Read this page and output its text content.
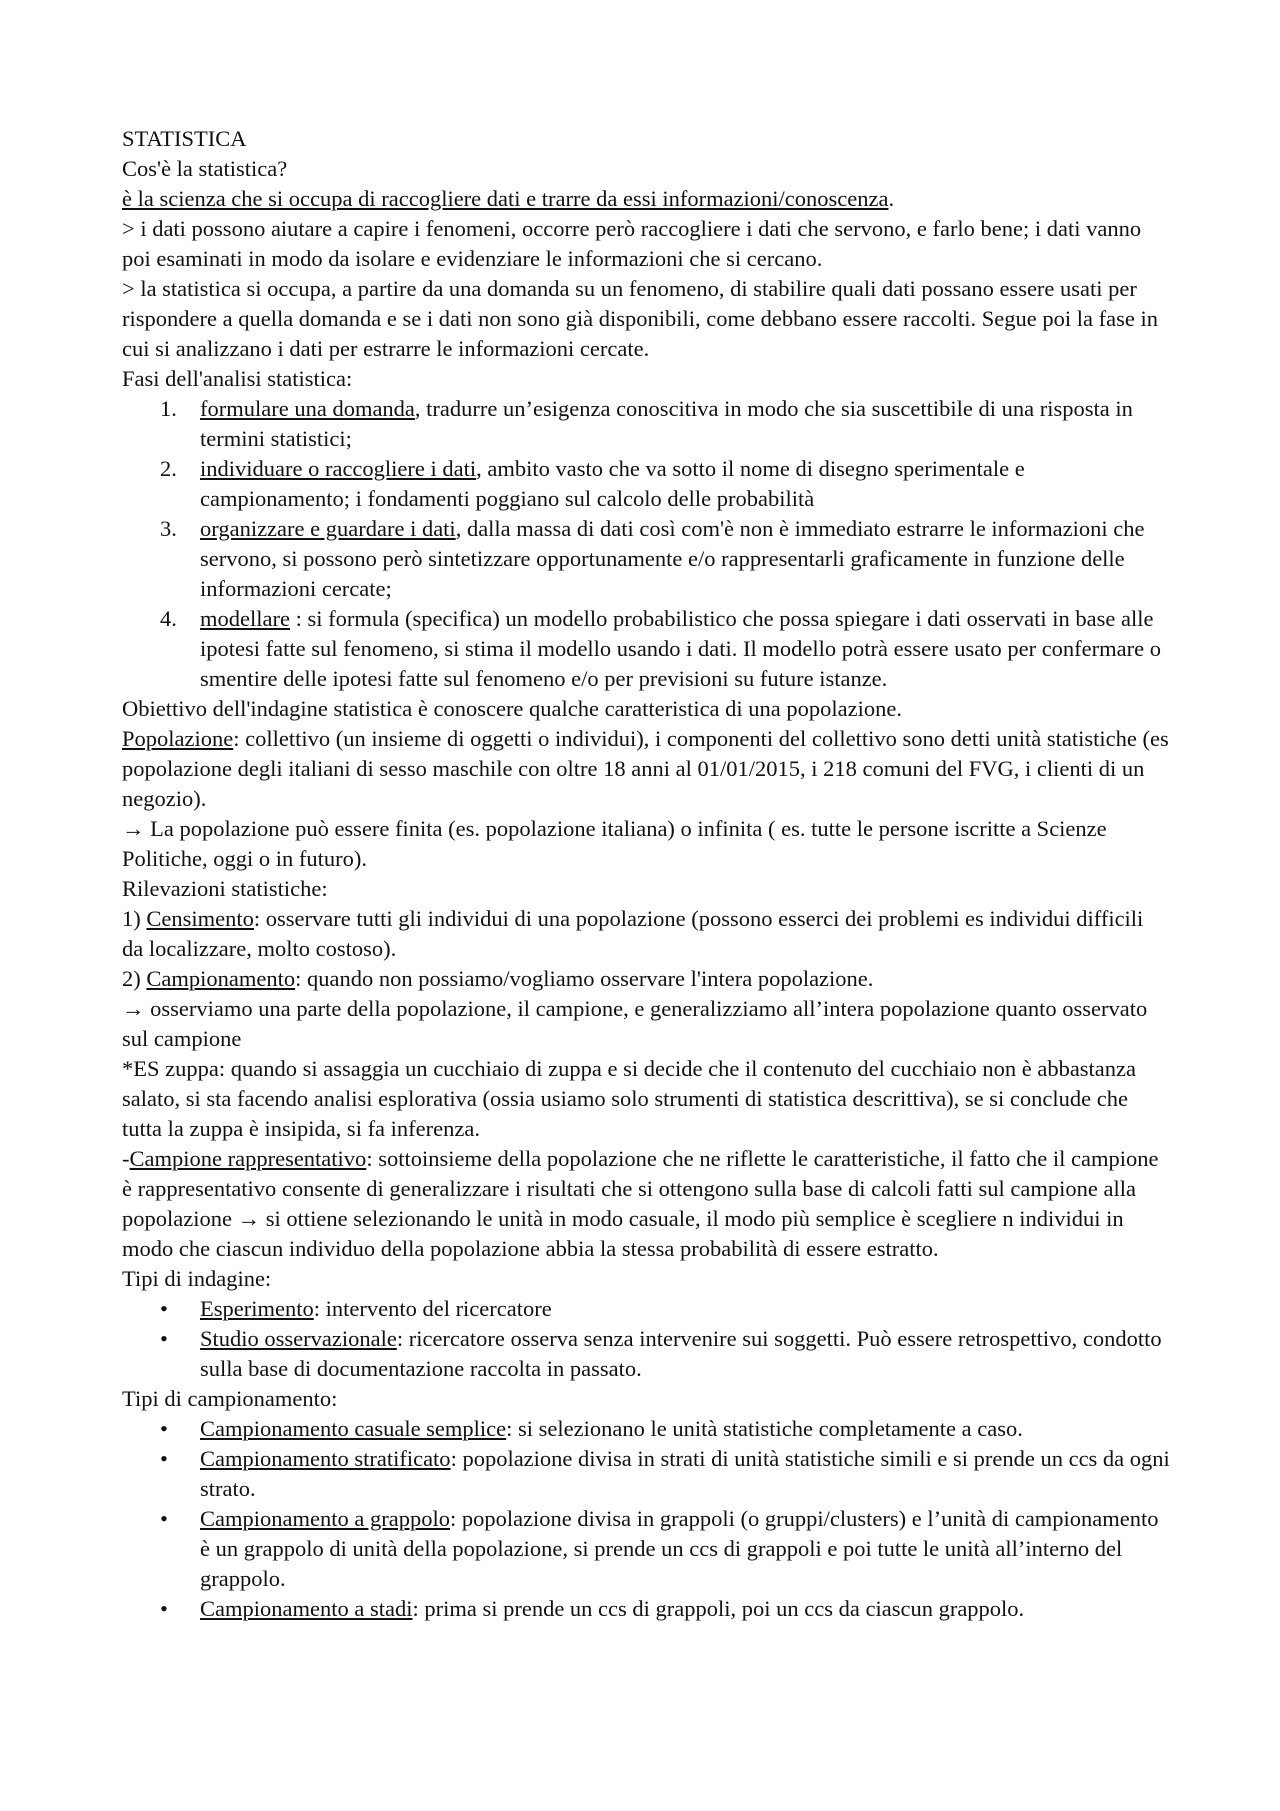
STATISTICA

Cos'è la statistica?

è la scienza che si occupa di raccogliere dati e trarre da essi informazioni/conoscenza.

> i dati possono aiutare a capire i fenomeni, occorre però raccogliere i dati che servono, e farlo bene; i dati vanno poi esaminati in modo da isolare e evidenziare le informazioni che si cercano.

> la statistica si occupa, a partire da una domanda su un fenomeno, di stabilire quali dati possano essere usati per rispondere a quella domanda e se i dati non sono già disponibili, come debbano essere raccolti. Segue poi la fase in cui si analizzano i dati per estrarre le informazioni cercate.

Fasi dell'analisi statistica:

1. formulare una domanda, tradurre un’esigenza conoscitiva in modo che sia suscettibile di una risposta in termini statistici;
2. individuare o raccogliere i dati, ambito vasto che va sotto il nome di disegno sperimentale e campionamento; i fondamenti poggiano sul calcolo delle probabilità
3. organizzare e guardare i dati, dalla massa di dati così com'è non è immediato estrarre le informazioni che servono, si possono però sintetizzare opportunamente e/o rappresentarli graficamente in funzione delle informazioni cercate;
4. modellare : si formula (specifica) un modello probabilistico che possa spiegare i dati osservati in base alle ipotesi fatte sul fenomeno, si stima il modello usando i dati. Il modello potrà essere usato per confermare o smentire delle ipotesi fatte sul fenomeno e/o per previsioni su future istanze.

Obiettivo dell'indagine statistica è conoscere qualche caratteristica di una popolazione.

Popolazione: collettivo (un insieme di oggetti o individui), i componenti del collettivo sono detti unità statistiche (es popolazione degli italiani di sesso maschile con oltre 18 anni al 01/01/2015, i 218 comuni del FVG, i clienti di un negozio).

→ La popolazione può essere finita (es. popolazione italiana) o infinita ( es. tutte le persone iscritte a Scienze Politiche, oggi o in futuro).

Rilevazioni statistiche:

1) Censimento: osservare tutti gli individui di una popolazione (possono esserci dei problemi es individui difficili da localizzare, molto costoso).

2) Campionamento: quando non possiamo/vogliamo osservare l'intera popolazione.

→ osserviamo una parte della popolazione, il campione, e generalizziamo all’intera popolazione quanto osservato sul campione

*ES zuppa: quando si assaggia un cucchiaio di zuppa e si decide che il contenuto del cucchiaio non è abbastanza salato, si sta facendo analisi esplorativa (ossia usiamo solo strumenti di statistica descrittiva), se si conclude che tutta la zuppa è insipida, si fa inferenza.

-Campione rappresentativo: sottoinsieme della popolazione che ne riflette le caratteristiche, il fatto che il campione è rappresentativo consente di generalizzare i risultati che si ottengono sulla base di calcoli fatti sul campione alla popolazione → si ottiene selezionando le unità in modo casuale, il modo più semplice è scegliere n individui in modo che ciascun individuo della popolazione abbia la stessa probabilità di essere estratto.

Tipi di indagine:

• Esperimento: intervento del ricercatore
• Studio osservazionale: ricercatore osserva senza intervenire sui soggetti. Può essere retrospettivo, condotto sulla base di documentazione raccolta in passato.

Tipi di campionamento:

• Campionamento casuale semplice: si selezionano le unità statistiche completamente a caso.
• Campionamento stratificato: popolazione divisa in strati di unità statistiche simili e si prende un ccs da ogni strato.
• Campionamento a grappolo: popolazione divisa in grappoli (o gruppi/clusters) e l’unità di campionamento è un grappolo di unità della popolazione, si prende un ccs di grappoli e poi tutte le unità all’interno del grappolo.
• Campionamento a stadi: prima si prende un ccs di grappoli, poi un ccs da ciascun grappolo.
